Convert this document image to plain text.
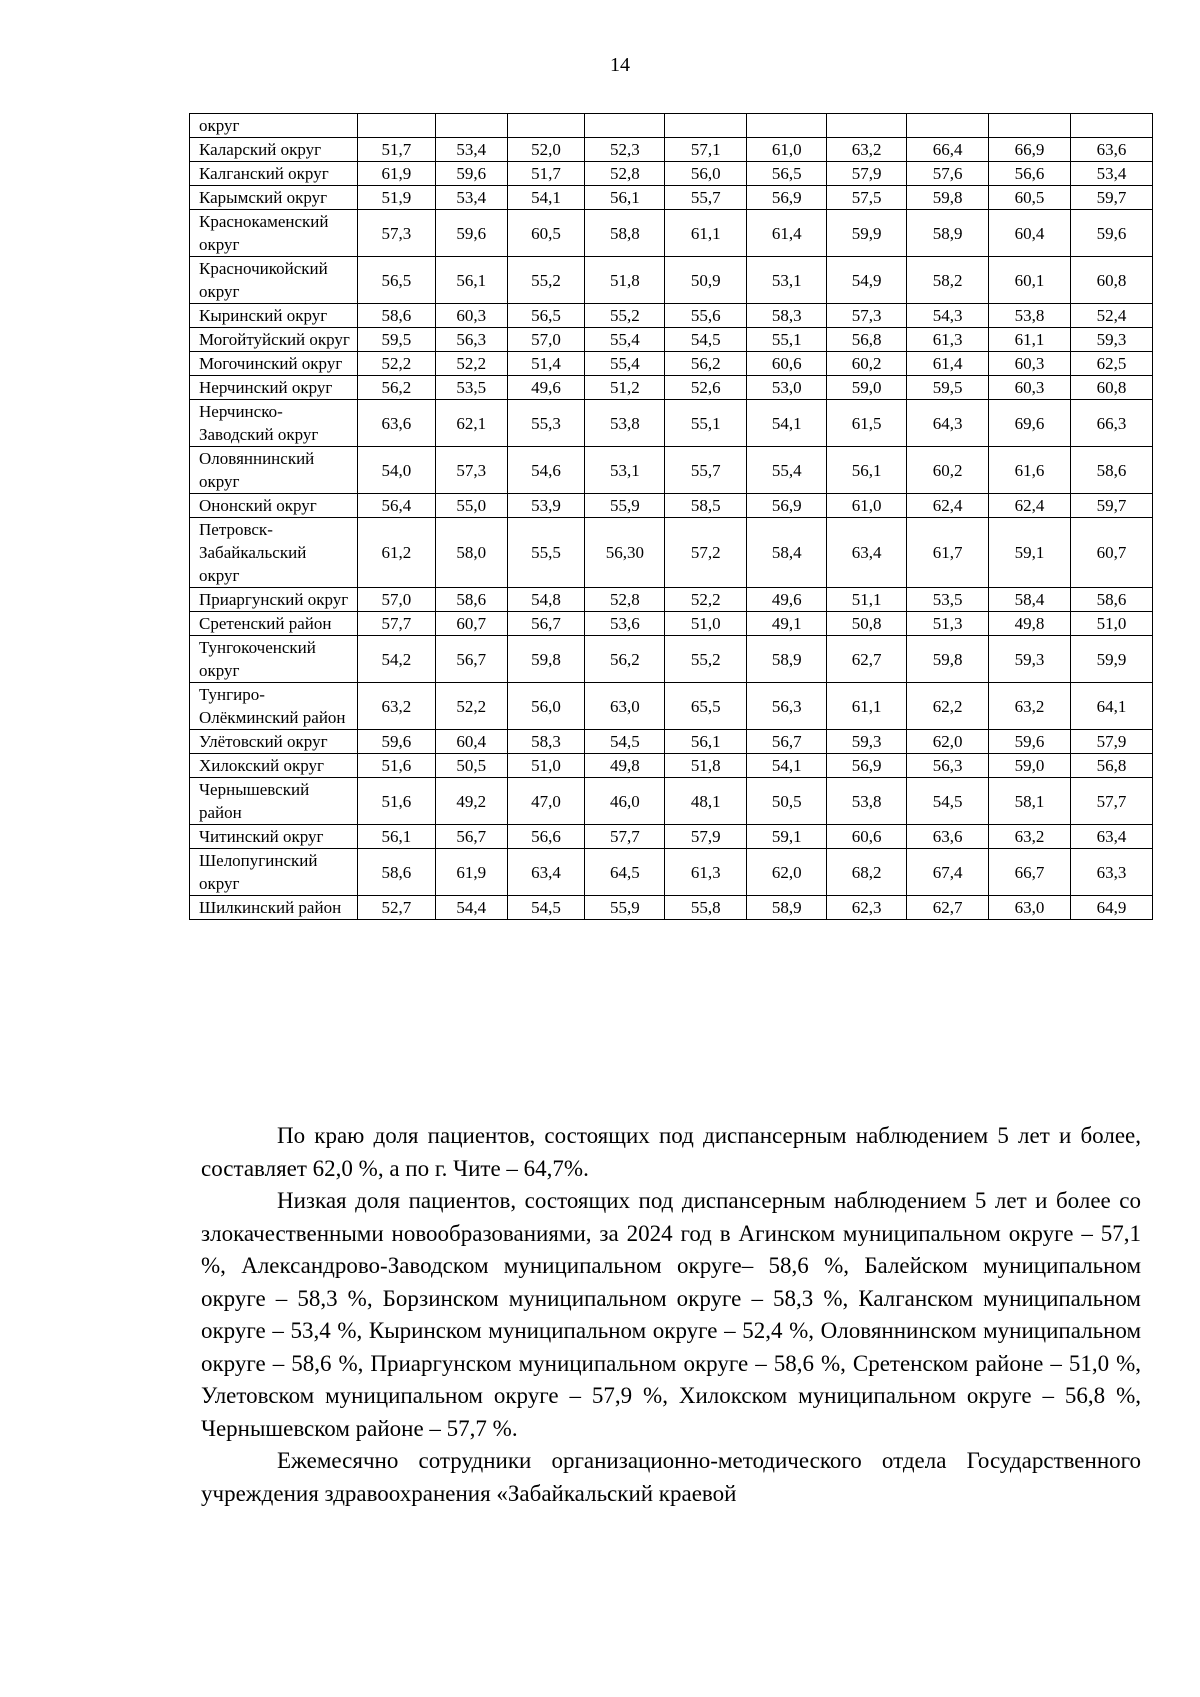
14
округ										
Каларский округ	51,7	53,4	52,0	52,3	57,1	61,0	63,2	66,4	66,9	63,6
Калганский округ	61,9	59,6	51,7	52,8	56,0	56,5	57,9	57,6	56,6	53,4
Карымский округ	51,9	53,4	54,1	56,1	55,7	56,9	57,5	59,8	60,5	59,7
Краснокаменский округ	57,3	59,6	60,5	58,8	61,1	61,4	59,9	58,9	60,4	59,6
Красночикойский округ	56,5	56,1	55,2	51,8	50,9	53,1	54,9	58,2	60,1	60,8
Кыринский округ	58,6	60,3	56,5	55,2	55,6	58,3	57,3	54,3	53,8	52,4
Могойтуйский округ	59,5	56,3	57,0	55,4	54,5	55,1	56,8	61,3	61,1	59,3
Могочинский округ	52,2	52,2	51,4	55,4	56,2	60,6	60,2	61,4	60,3	62,5
Нерчинский округ	56,2	53,5	49,6	51,2	52,6	53,0	59,0	59,5	60,3	60,8
Нерчинско-Заводский округ	63,6	62,1	55,3	53,8	55,1	54,1	61,5	64,3	69,6	66,3
Оловяннинский округ	54,0	57,3	54,6	53,1	55,7	55,4	56,1	60,2	61,6	58,6
Ононский округ	56,4	55,0	53,9	55,9	58,5	56,9	61,0	62,4	62,4	59,7
Петровск-Забайкальский округ	61,2	58,0	55,5	56,30	57,2	58,4	63,4	61,7	59,1	60,7
Приаргунский округ	57,0	58,6	54,8	52,8	52,2	49,6	51,1	53,5	58,4	58,6
Сретенский район	57,7	60,7	56,7	53,6	51,0	49,1	50,8	51,3	49,8	51,0
Тунгокоченский округ	54,2	56,7	59,8	56,2	55,2	58,9	62,7	59,8	59,3	59,9
Тунгиро-Олёкминский район	63,2	52,2	56,0	63,0	65,5	56,3	61,1	62,2	63,2	64,1
Улётовский округ	59,6	60,4	58,3	54,5	56,1	56,7	59,3	62,0	59,6	57,9
Хилокский округ	51,6	50,5	51,0	49,8	51,8	54,1	56,9	56,3	59,0	56,8
Чернышевский район	51,6	49,2	47,0	46,0	48,1	50,5	53,8	54,5	58,1	57,7
Читинский округ	56,1	56,7	56,6	57,7	57,9	59,1	60,6	63,6	63,2	63,4
Шелопугинский округ	58,6	61,9	63,4	64,5	61,3	62,0	68,2	67,4	66,7	63,3
Шилкинский район	52,7	54,4	54,5	55,9	55,8	58,9	62,3	62,7	63,0	64,9

По краю доля пациентов, состоящих под диспансерным наблюдением 5 лет и более, составляет 62,0 %, а по г. Чите – 64,7%.

Низкая доля пациентов, состоящих под диспансерным наблюдением 5 лет и более со злокачественными новообразованиями, за 2024 год в Агинском муниципальном округе – 57,1 %, Александрово-Заводском муниципальном округе– 58,6 %, Балейском муниципальном округе – 58,3 %, Борзинском муниципальном округе – 58,3 %, Калганском муниципальном округе – 53,4 %, Кыринском муниципальном округе – 52,4 %, Оловяннинском муниципальном округе – 58,6 %, Приаргунском муниципальном округе – 58,6 %, Сретенском районе – 51,0 %, Улетовском муниципальном округе – 57,9 %, Хилокском муниципальном округе – 56,8 %, Чернышевском районе – 57,7 %.

Ежемесячно сотрудники организационно-методического отдела Государственного учреждения здравоохранения «Забайкальский краевой
